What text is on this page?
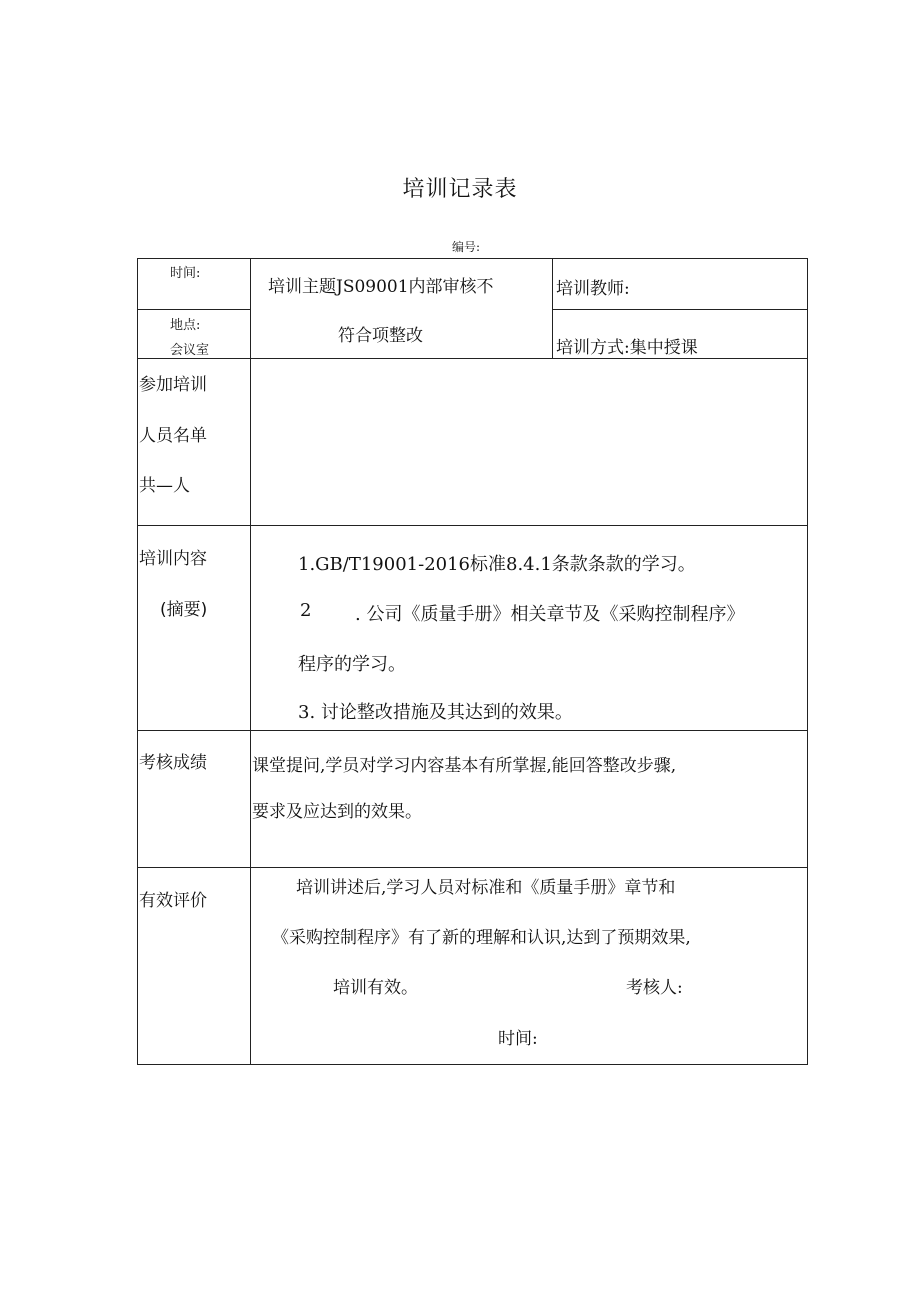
培训记录表
编号:
时间:
地点:
会议室
培训主题JS09001内部审核不
符合项整改
培训教师:
培训方式:集中授课
参加培训
人员名单
共—人
培训内容
(摘要)
1.GB/T19001-2016标准8.4.1条款条款的学习。
2 . 公司《质量手册》相关章节及《采购控制程序》
程序的学习。
3. 讨论整改措施及其达到的效果。
考核成绩	课堂提问,学员对学习内容基本有所掌握,能回答整改步骤,
要求及应达到的效果。
有效评价
培训讲述后,学习人员对标准和《质量手册》章节和
《采购控制程序》有了新的理解和认识,达到了预期效果,
培训有效。	考核人:
时间:
